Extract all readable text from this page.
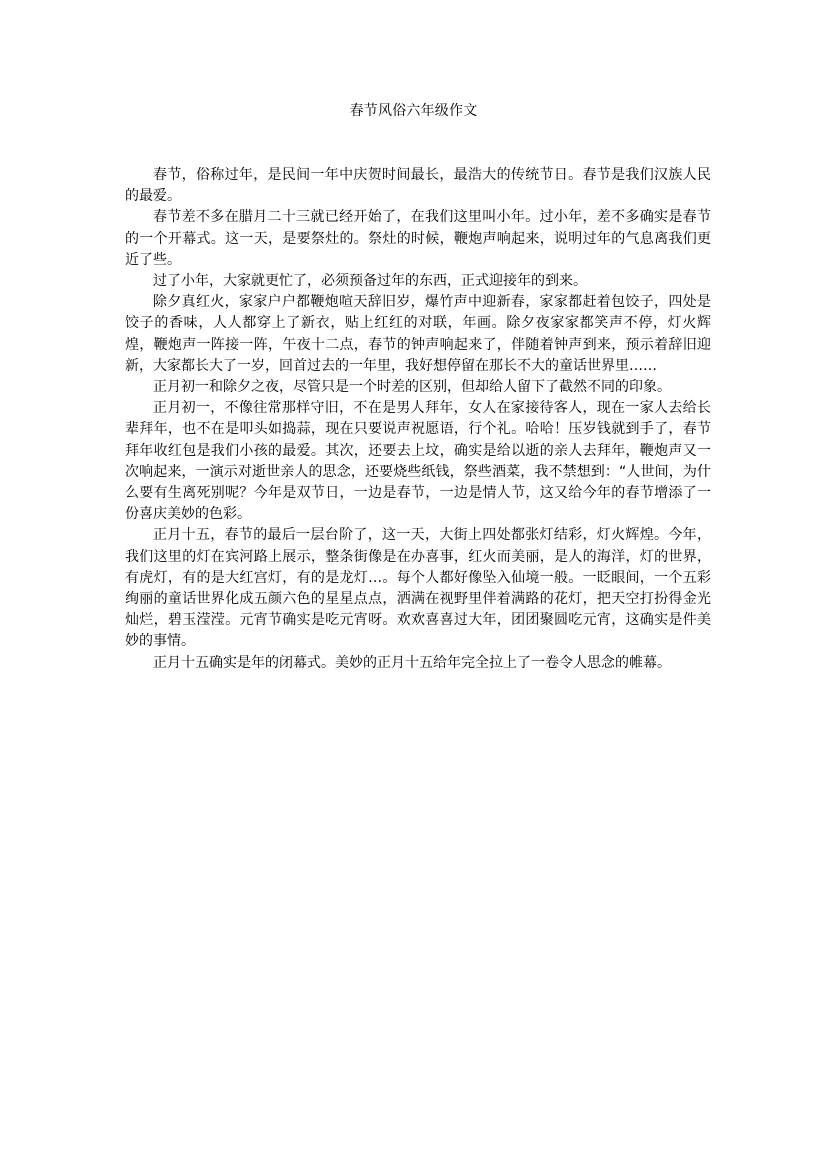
春节风俗六年级作文

春节，俗称过年，是民间一年中庆贺时间最长，最浩大的传统节日。春节是我们汉族人民的最爱。

春节差不多在腊月二十三就已经开始了，在我们这里叫小年。过小年，差不多确实是春节的一个开幕式。这一天，是要祭灶的。祭灶的时候，鞭炮声响起来，说明过年的气息离我们更近了些。

过了小年，大家就更忙了，必须预备过年的东西，正式迎接年的到来。

除夕真红火，家家户户都鞭炮喧天辞旧岁，爆竹声中迎新春，家家都赶着包饺子，四处是饺子的香味，人人都穿上了新衣，贴上红红的对联，年画。除夕夜家家都笑声不停，灯火辉煌，鞭炮声一阵接一阵，午夜十二点，春节的钟声响起来了，伴随着钟声到来，预示着辞旧迎新，大家都长大了一岁，回首过去的一年里，我好想停留在那长不大的童话世界里……

正月初一和除夕之夜，尽管只是一个时差的区别，但却给人留下了截然不同的印象。

正月初一，不像往常那样守旧，不在是男人拜年，女人在家接待客人，现在一家人去给长辈拜年，也不在是叩头如捣蒜，现在只要说声祝愿语，行个礼。哈哈！压岁钱就到手了，春节拜年收红包是我们小孩的最爱。其次，还要去上坟，确实是给以逝的亲人去拜年，鞭炮声又一次响起来，一演示对逝世亲人的思念，还要烧些纸钱，祭些酒菜，我不禁想到：“人世间，为什么要有生离死别呢？今年是双节日，一边是春节，一边是情人节，这又给今年的春节增添了一份喜庆美妙的色彩。

正月十五，春节的最后一层台阶了，这一天，大街上四处都张灯结彩，灯火辉煌。今年，我们这里的灯在宾河路上展示，整条街像是在办喜事，红火而美丽，是人的海洋，灯的世界，有虎灯，有的是大红宫灯，有的是龙灯…。每个人都好像坠入仙境一般。一眨眼间，一个五彩绚丽的童话世界化成五颜六色的星星点点，洒满在视野里伴着满路的花灯，把天空打扮得金光灿烂，碧玉滢滢。元宵节确实是吃元宵呀。欢欢喜喜过大年，团团聚圆吃元宵，这确实是件美妙的事情。

正月十五确实是年的闭幕式。美妙的正月十五给年完全拉上了一卷令人思念的帷幕。
